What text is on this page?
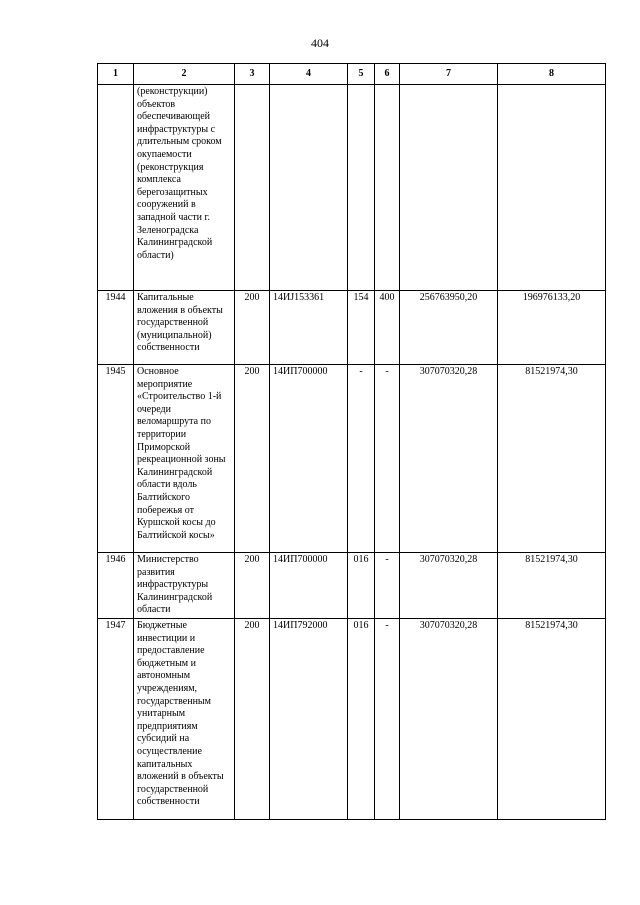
404
1	2	3	4	5	6	7	8
	(реконструкции) объектов обеспечивающей инфраструктуры с длительным сроком окупаемости (реконструкция комплекса берегозащитных сооружений в западной части г. Зеленоградска Калининградской области)						
1944	Капитальные вложения в объекты государственной (муниципальной) собственности	200	14ИЈ153361	154	400	256763950,20	196976133,20
1945	Основное мероприятие «Строительство 1-й очереди веломаршрута по территории Приморской рекреационной зоны Калининградской области вдоль Балтийского побережья от Куршской косы до Балтийской косы»	200	14ИП700000	-	-	307070320,28	81521974,30
1946	Министерство развития инфраструктуры Калининградской области	200	14ИП700000	016	-	307070320,28	81521974,30
1947	Бюджетные инвестиции и предоставление бюджетным и автономным учреждениям, государственным унитарным предприятиям субсидий на осуществление капитальных вложений в объекты государственной собственности	200	14ИП792000	016	-	307070320,28	81521974,30
